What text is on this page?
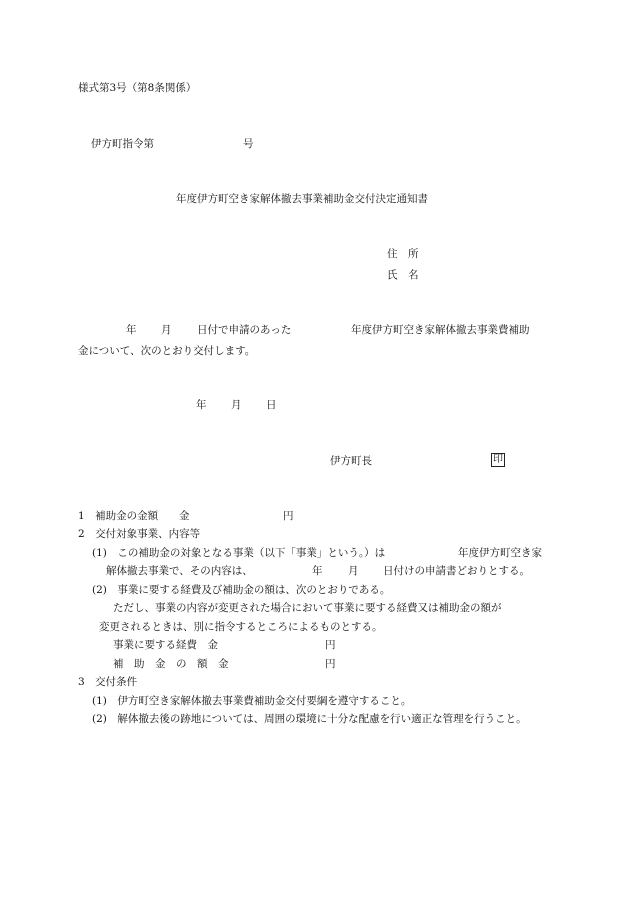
様式第3号（第8条関係）
伊方町指令第	号
年度伊方町空き家解体撤去事業補助金交付決定通知書
住　所
氏　名
年 月 日付で申請のあった	年度伊方町空き家解体撤去事業費補助
金について、次のとおり交付します。
年 月 日
伊方町長	印
1　補助金の金額 金	円
2　交付対象事業、内容等
(1)　この補助金の対象となる事業（以下「事業」という。）は	年度伊方町空き家
解体撤去事業で、その内容は、	年 月 日付けの申請書どおりとする。
(2)　事業に要する経費及び補助金の額は、次のとおりである。
ただし、事業の内容が変更された場合において事業に要する経費又は補助金の額が
変更されるときは、別に指令するところによるものとする。
事業に要する経費　金	円
補　助　金　の　額　金	円
3　交付条件
(1)　伊方町空き家解体撤去事業費補助金交付要綱を遵守すること。
(2)　解体撤去後の跡地については、周囲の環境に十分な配慮を行い適正な管理を行うこと。
